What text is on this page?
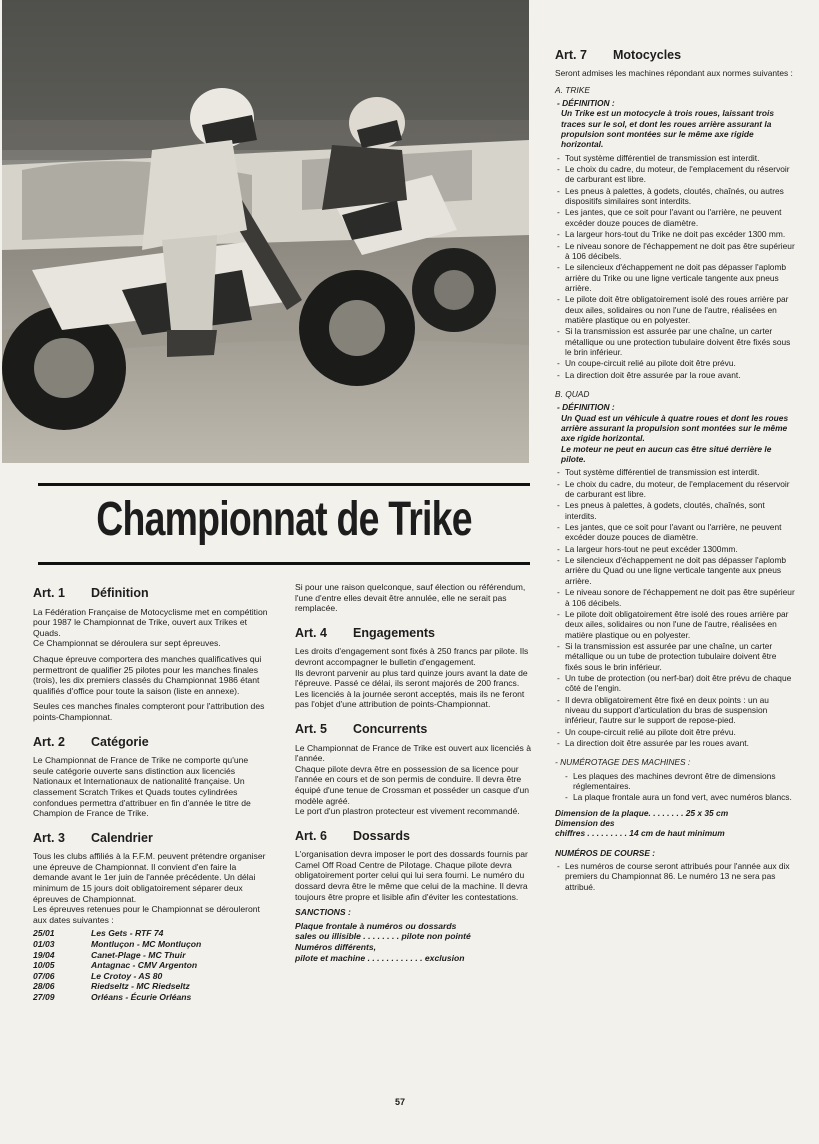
Championnat de Trike
Art. 1 Définition

La Fédération Française de Motocyclisme met en compétition pour 1987 le Championnat de Trike, ouvert aux Trikes et Quads.

Ce Championnat se déroulera sur sept épreuves.

Chaque épreuve comportera des manches qualificatives qui permettront de qualifier 25 pilotes pour les manches finales (trois), les dix premiers classés du Championnat 1986 étant qualifiés d'office pour toute la saison (liste en annexe).

Seules ces manches finales compteront pour l'attribution des points-Championnat.

Art. 2 Catégorie

Le Championnat de France de Trike ne comporte qu'une seule catégorie ouverte sans distinction aux licenciés Nationaux et Internationaux de nationalité française. Un classement Scratch Trikes et Quads toutes cylindrées confondues permettra d'attribuer en fin d'année le titre de Champion de France de Trike.

Art. 3 Calendrier

Tous les clubs affiliés à la F.F.M. peuvent prétendre organiser une épreuve de Championnat. Il convient d'en faire la demande avant le 1er juin de l'année précédente. Un délai minimum de 15 jours doit obligatoirement séparer deux épreuves de Championnat.

Les épreuves retenues pour le Championnat se dérouleront aux dates suivantes :

25/01	Les Gets - RTF 74
01/03	Montluçon - MC Montluçon
19/04	Canet-Plage - MC Thuir
10/05	Antagnac - CMV Argenton
07/06	Le Crotoy - AS 80
28/06	Riedseltz - MC Riedseltz
27/09	Orléans - Écurie Orléans

Si pour une raison quelconque, sauf élection ou référendum, l'une d'entre elles devait être annulée, elle ne serait pas remplacée.

Art. 4 Engagements

Les droits d'engagement sont fixés à 250 francs par pilote. Ils devront accompagner le bulletin d'engagement.

Ils devront parvenir au plus tard quinze jours avant la date de l'épreuve. Passé ce délai, ils seront majorés de 200 francs.

Les licenciés à la journée seront acceptés, mais ils ne feront pas l'objet d'une attribution de points-Championnat.

Art. 5 Concurrents

Le Championnat de France de Trike est ouvert aux licenciés à l'année.

Chaque pilote devra être en possession de sa licence pour l'année en cours et de son permis de conduire. Il devra être équipé d'une tenue de Crossman et posséder un casque d'un modèle agréé.

Le port d'un plastron protecteur est vivement recommandé.

Art. 6 Dossards

L'organisation devra imposer le port des dossards fournis par Camel Off Road Centre de Pilotage. Chaque pilote devra obligatoirement porter celui qui lui sera fourni. Le numéro du dossard devra être le même que celui de la machine. Il devra toujours être propre et lisible afin d'éviter les contestations.

SANCTIONS :
Plaque frontale à numéros ou dossards
sales ou illisible . . . . . . . . pilote non pointé
Numéros différents,
pilote et machine . . . . . . . . . . . . exclusion
Art. 7 Motocycles

Seront admises les machines répondant aux normes suivantes :

A. TRIKE
- DÉFINITION :
Un Trike est un motocycle à trois roues, laissant trois traces sur le sol, et dont les roues arrière assurant la propulsion sont montées sur le même axe rigide horizontal.
- Tout système différentiel de transmission est interdit.
- Le choix du cadre, du moteur, de l'emplacement du réservoir de carburant est libre.
- Les pneus à palettes, à godets, cloutés, chaînés, ou autres dispositifs similaires sont interdits.
- Les jantes, que ce soit pour l'avant ou l'arrière, ne peuvent excéder douze pouces de diamètre.
- La largeur hors-tout du Trike ne doit pas excéder 1300 mm.
- Le niveau sonore de l'échappement ne doit pas être supérieur à 106 décibels.
- Le silencieux d'échappement ne doit pas dépasser l'aplomb arrière du Trike ou une ligne verticale tangente aux pneus arrière.
- Le pilote doit être obligatoirement isolé des roues arrière par deux ailes, solidaires ou non l'une de l'autre, réalisées en matière plastique ou en polyester.
- Si la transmission est assurée par une chaîne, un carter métallique ou une protection tubulaire doivent être fixés sous le brin inférieur.
- Un coupe-circuit relié au pilote doit être prévu.
- La direction doit être assurée par la roue avant.
B. QUAD
- DÉFINITION :
Un Quad est un véhicule à quatre roues et dont les roues arrière assurant la propulsion sont montées sur le même axe rigide horizontal.
Le moteur ne peut en aucun cas être situé derrière le pilote.
- Tout système différentiel de transmission est interdit.
- Le choix du cadre, du moteur, de l'emplacement du réservoir de carburant est libre.
- Les pneus à palettes, à godets, cloutés, chaînés, sont interdits.
- Les jantes, que ce soit pour l'avant ou l'arrière, ne peuvent excéder douze pouces de diamètre.
- La largeur hors-tout ne peut excéder 1300mm.
- Le silencieux d'échappement ne doit pas dépasser l'aplomb arrière du Quad ou une ligne verticale tangente aux pneus arrière.
- Le niveau sonore de l'échappement ne doit pas être supérieur à 106 décibels.
- Le pilote doit obligatoirement être isolé des roues arrière par deux ailes, solidaires ou non l'une de l'autre, réalisées en matière plastique ou en polyester.
- Si la transmission est assurée par une chaîne, un carter métallique ou un tube de protection tubulaire doivent être fixés sous le brin inférieur.
- Un tube de protection (ou nerf-bar) doit être prévu de chaque côté de l'engin.
- Il devra obligatoirement être fixé en deux points : un au niveau du support d'articulation du bras de suspension inférieur, l'autre sur le support de repose-pied.
- Un coupe-circuit relié au pilote doit être prévu.
- La direction doit être assurée par les roues avant.
- NUMÉROTAGE DES MACHINES :
- Les plaques des machines devront être de dimensions réglementaires.
- La plaque frontale aura un fond vert, avec numéros blancs.
Dimension de la plaque. . . . . . . . 25 x 35 cm
Dimension des
chiffres . . . . . . . . . 14 cm de haut minimum
NUMÉROS DE COURSE :
- Les numéros de course seront attribués pour l'année aux dix premiers du Championnat 86. Le numéro 13 ne sera pas attribué.
57
